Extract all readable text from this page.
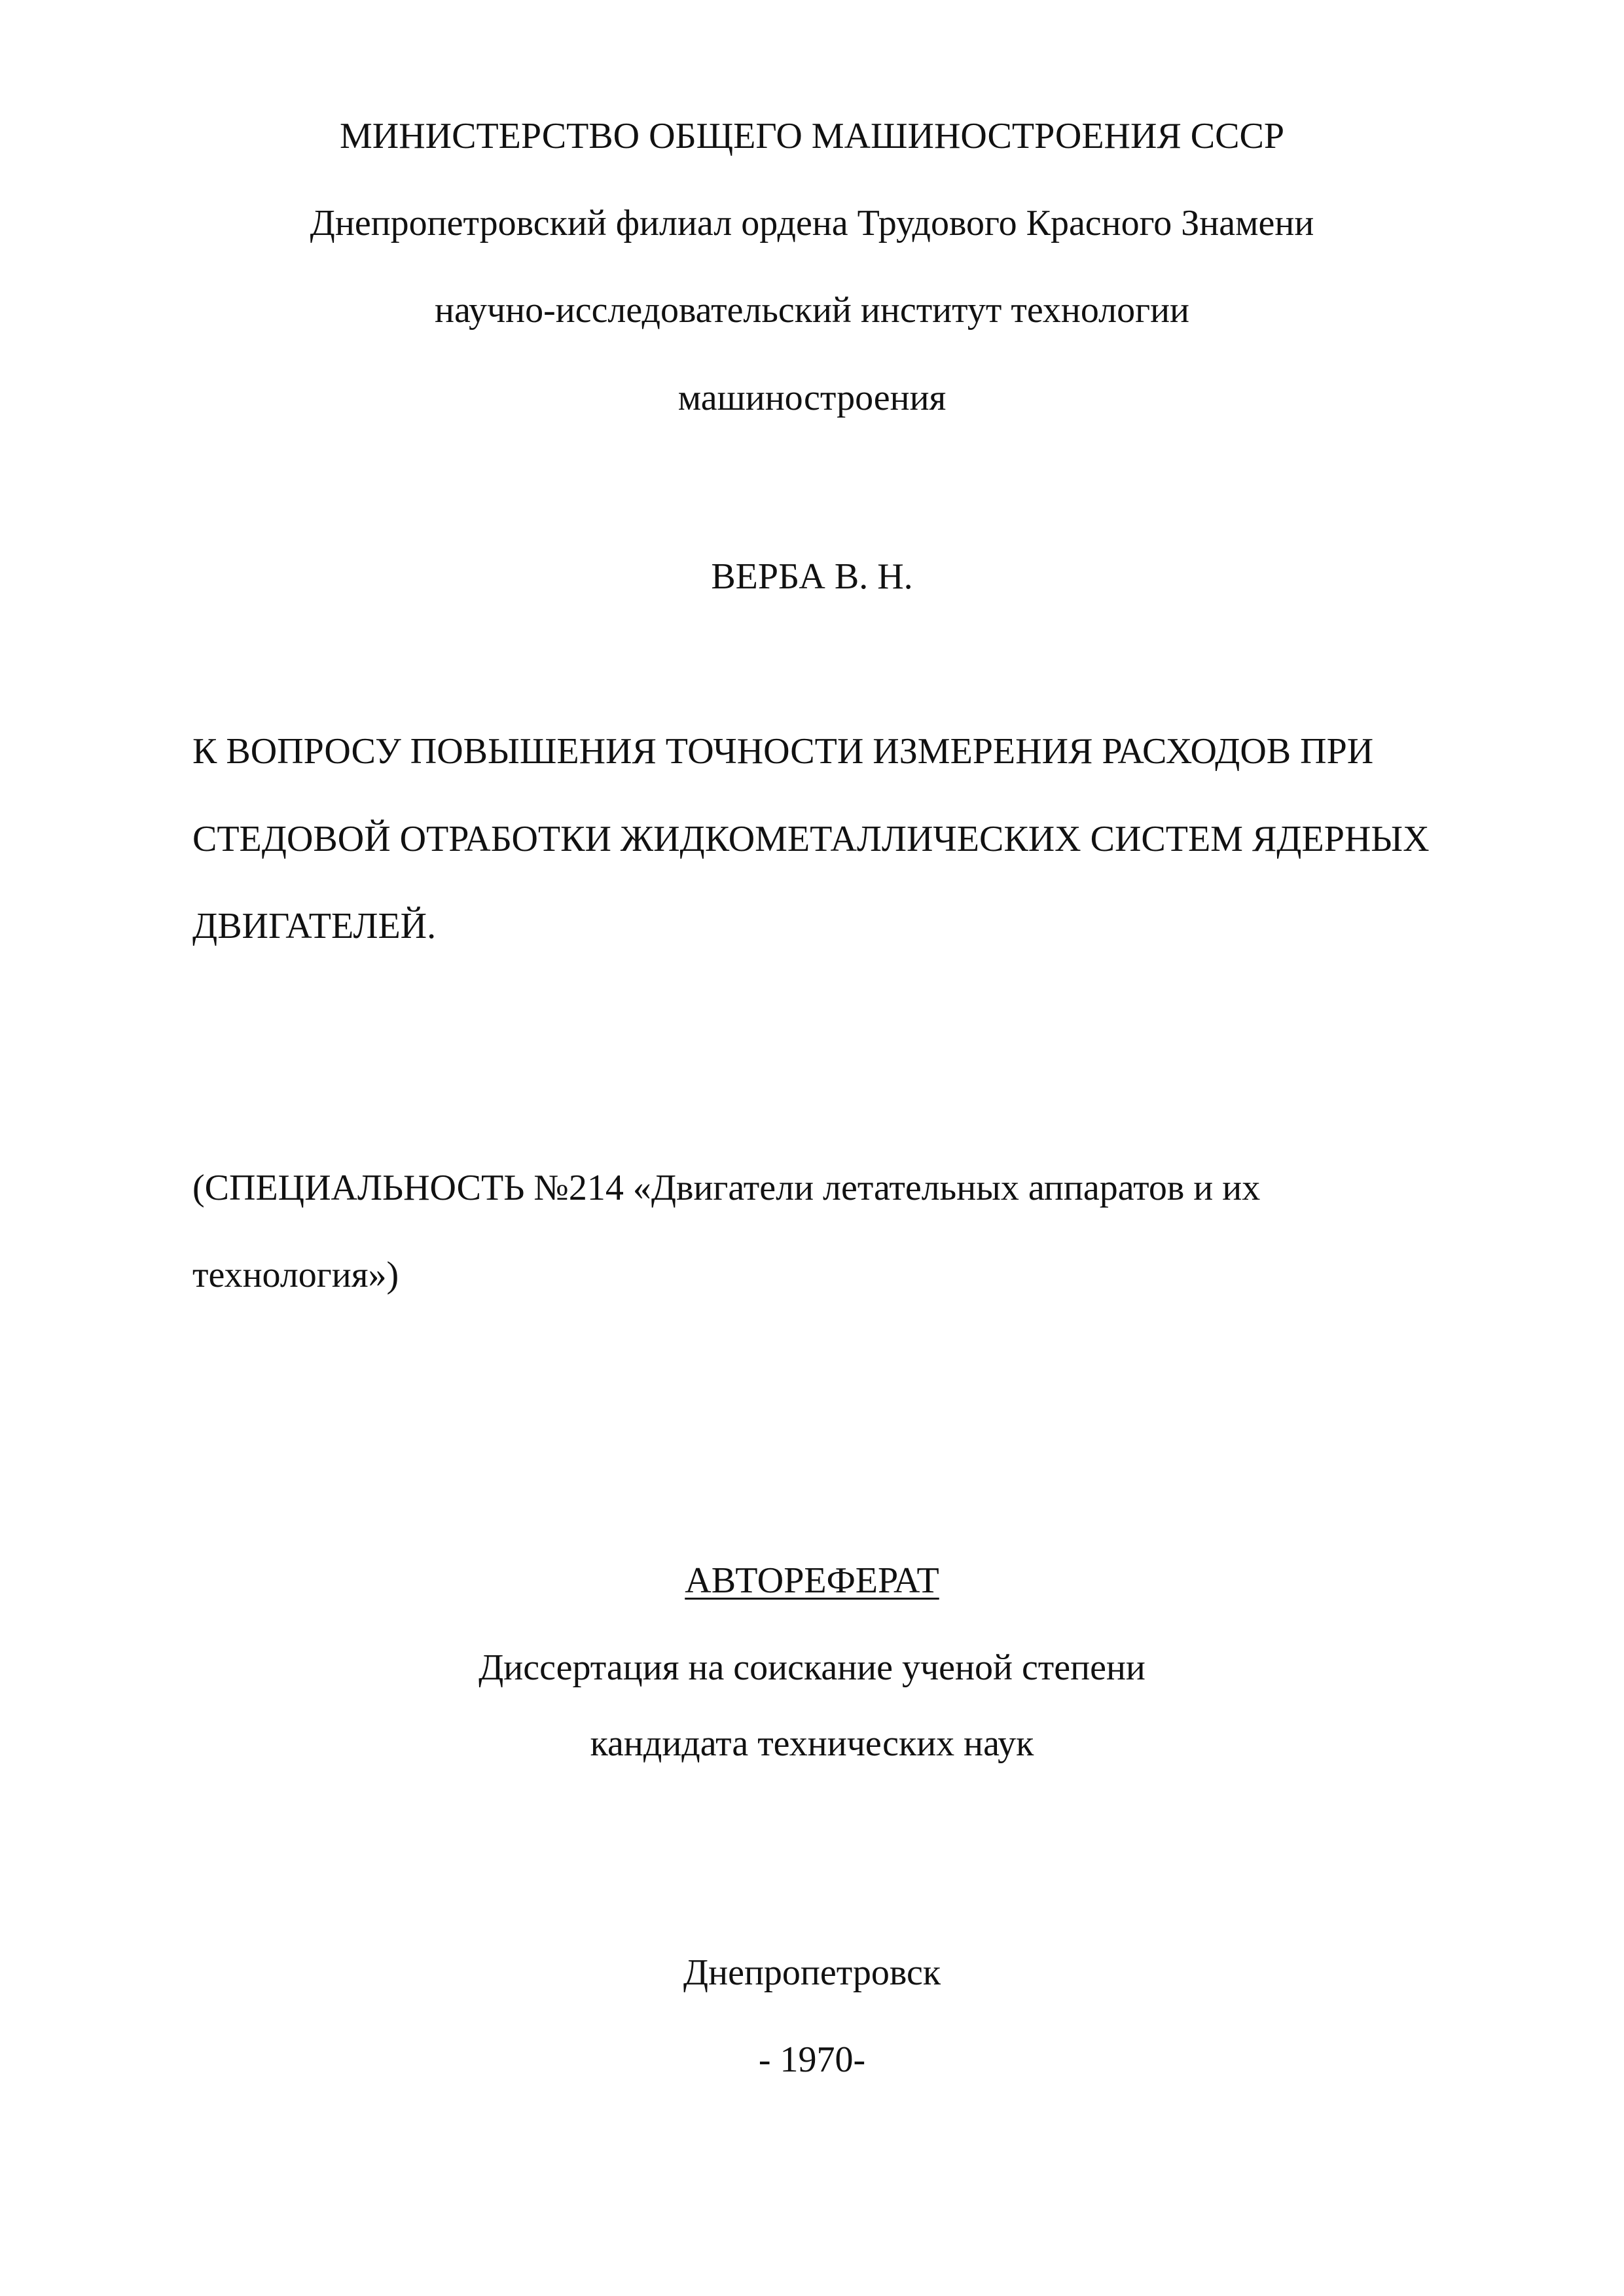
МИНИСТЕРСТВО ОБЩЕГО МАШИНОСТРОЕНИЯ СССР

Днепропетровский филиал ордена Трудового Красного Знамени

научно-исследовательский институт технологии

машиностроения

ВЕРБА В. Н.

К ВОПРОСУ ПОВЫШЕНИЯ ТОЧНОСТИ ИЗМЕРЕНИЯ РАСХОДОВ ПРИ

СТЕДОВОЙ ОТРАБОТКИ ЖИДКОМЕТАЛЛИЧЕСКИХ СИСТЕМ ЯДЕРНЫХ

ДВИГАТЕЛЕЙ.

(СПЕЦИАЛЬНОСТЬ №214 «Двигатели летательных аппаратов и их

технология»)

АВТОРЕФЕРАТ

Диссертация на соискание ученой степени

кандидата технических наук

Днепропетровск

- 1970-
